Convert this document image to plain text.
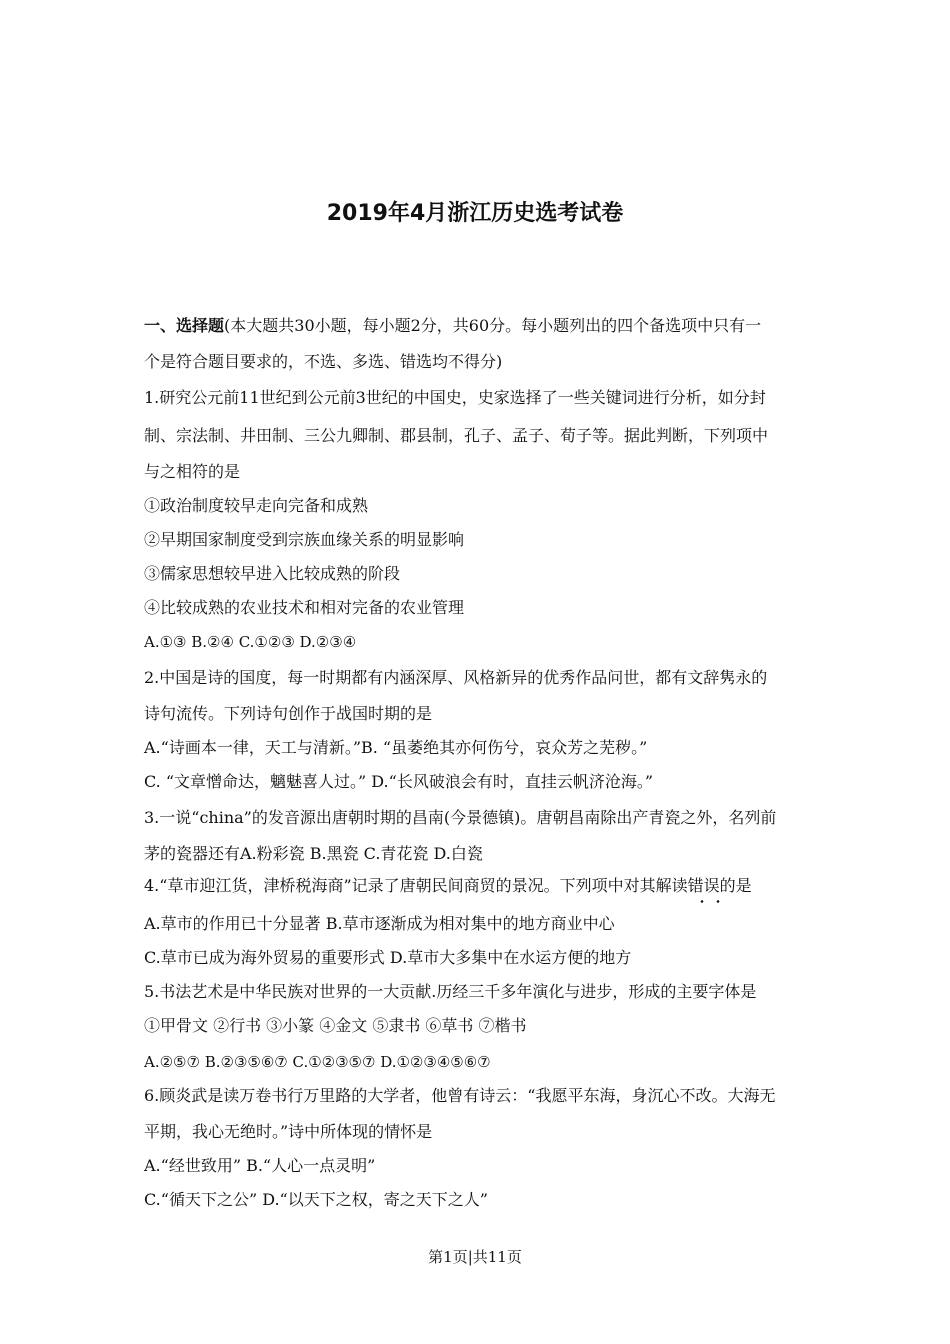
2019年4月浙江历史选考试卷
一、选择题(本大题共30小题，每小题2分，共60分。每小题列出的四个备选项中只有一
个是符合题目要求的，不选、多选、错选均不得分)
1.研究公元前11世纪到公元前3世纪的中国史，史家选择了一些关键词进行分析，如分封
制、宗法制、井田制、三公九卿制、郡县制，孔子、孟子、荀子等。据此判断，下列项中
与之相符的是
①政治制度较早走向完备和成熟
②早期国家制度受到宗族血缘关系的明显影响
③儒家思想较早进入比较成熟的阶段
④比较成熟的农业技术和相对完备的农业管理
A.①③ B.②④ C.①②③ D.②③④
2.中国是诗的国度，每一时期都有内涵深厚、风格新异的优秀作品问世，都有文辞隽永的
诗句流传。下列诗句创作于战国时期的是
A.“诗画本一律，天工与清新。”B. “虽萎绝其亦何伤兮，哀众芳之芜秽。”
C. “文章憎命达，魑魅喜人过。” D.“长风破浪会有时，直挂云帆济沧海。”
3.一说“china”的发音源出唐朝时期的昌南(今景德镇)。唐朝昌南除出产青瓷之外，名列前
茅的瓷器还有A.粉彩瓷 B.黑瓷 C.青花瓷 D.白瓷
4.“草市迎江货，津桥税海商”记录了唐朝民间商贸的景况。下列项中对其解读错误的是
A.草市的作用已十分显著 B.草市逐渐成为相对集中的地方商业中心
C.草市已成为海外贸易的重要形式 D.草市大多集中在水运方便的地方
5.书法艺术是中华民族对世界的一大贡献.历经三千多年演化与进步，形成的主要字体是
①甲骨文 ②行书 ③小篆 ④金文 ⑤隶书 ⑥草书 ⑦楷书
A.②⑤⑦ B.②③⑤⑥⑦ C.①②③⑤⑦ D.①②③④⑤⑥⑦
6.顾炎武是读万卷书行万里路的大学者，他曾有诗云：“我愿平东海，身沉心不改。大海无
平期，我心无绝时。”诗中所体现的情怀是
A.“经世致用” B.“人心一点灵明”
C.“循天下之公” D.“以天下之权，寄之天下之人”
第1页|共11页
